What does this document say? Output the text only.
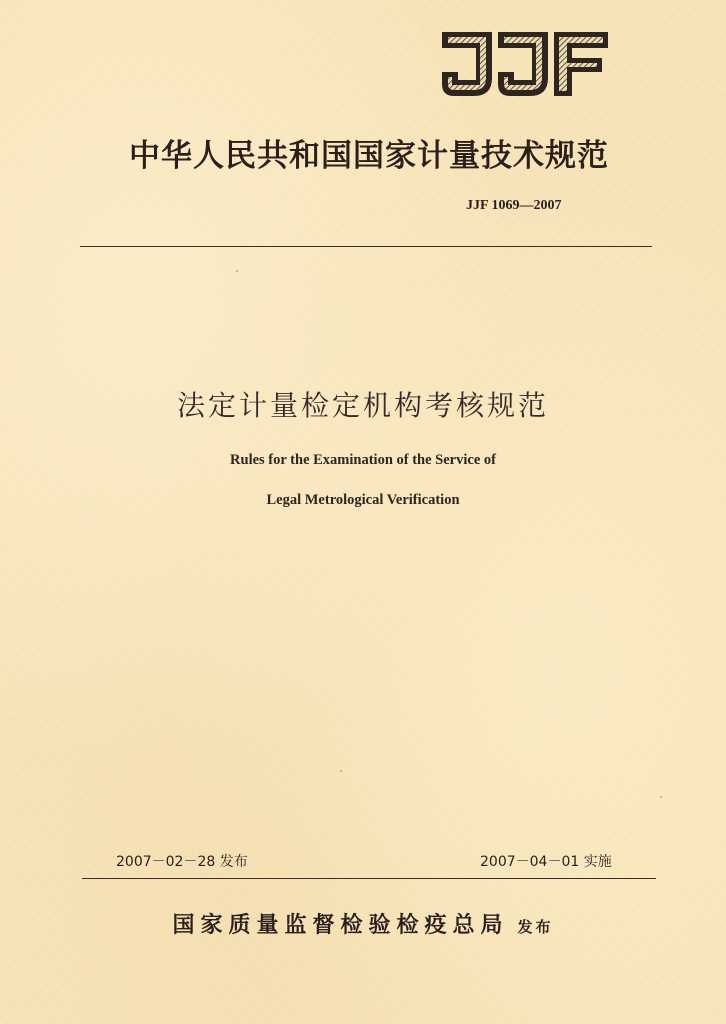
中华人民共和国国家计量技术规范
JJF 1069—2007
法定计量检定机构考核规范
Rules for the Examination of the Service of
Legal Metrological Verification
2007－02－28 发布	2007－04－01 实施
国家质量监督检验检疫总局 发布
